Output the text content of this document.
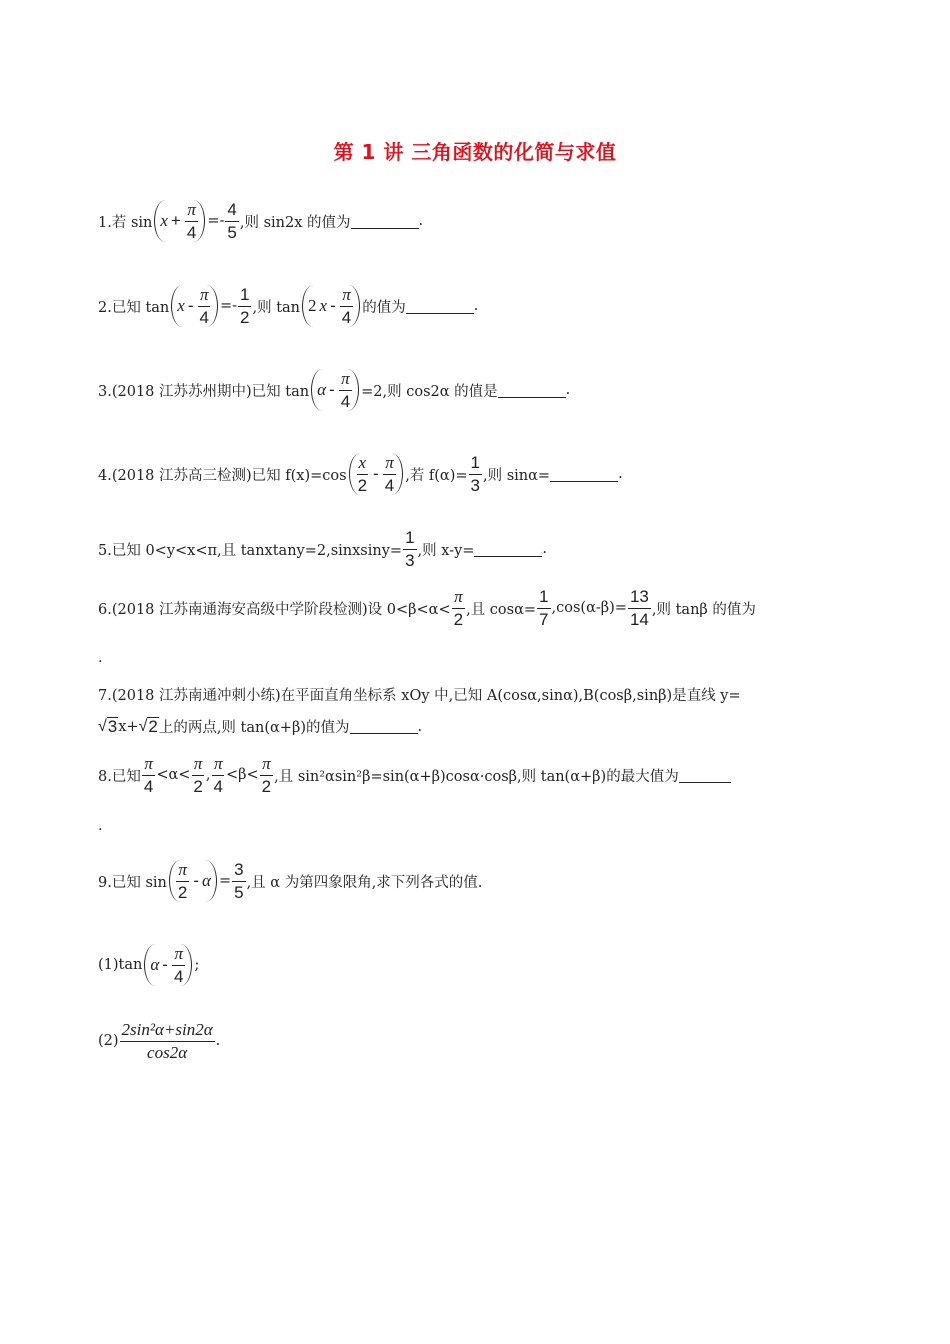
第 1 讲 三角函数的化简与求值
1.若 $\sin x + \frac{\pi}{4} =- \frac{4}{5}$ ,则 sin2x 的值为	.
2.已知 $\tan x - \frac{\pi}{4} =- \frac{1}{2}$ ,则 tan 2 x - $\frac{\pi}{4}$ 的值为	.
3.(2018 江苏苏州期中)已知 $\tan \alpha - \frac{\pi}{4} =2$,则 cos2α 的值是	.
4.(2018 江苏高三检测)已知 $f(x)=\cos \frac{x}{2} - \frac{\pi}{4}$ ,若 $f(\alpha)= \frac{1}{3}$ ,则 sinα=	.
5.已知 0<y<x<π,且 tanxtany=2,sinxsiny= $\frac{1}{3}$ ,则 x-y=	.
6.(2018 江苏南通海安高级中学阶段检测)设 $0<\beta<\alpha< \frac{\pi}{2}$ ,且 $\cos\alpha= \frac{1}{7} ,\cos(\alpha-\beta)= \frac{13}{14}$ ,则 tanβ 的值为
.
7.(2018 江苏南通冲刺小练)在平面直角坐标系 xOy 中,已知 A(cosα,sinα),B(cosβ,sinβ)是直线 y=
√ 3 x+ √ 2 上的两点,则 tan(α+β)的值为	.
8.已知 $\frac{\pi}{4} <\alpha< \frac{\pi}{2}$ , $\frac{\pi}{4} <\beta< \frac{\pi}{2}$ ,且 sin²αsin²β=sin(α+β)cosα·cosβ,则 tan(α+β)的最大值为
.
9.已知 $\sin \frac{\pi}{2} - \alpha = \frac{3}{5}$ ,且 α 为第四象限角,求下列各式的值.
(1)tan α - $\frac{\pi}{4}$ ;
$(2) \frac{\text{2sin²α+sin2α}}{\cos 2\alpha}$ .
